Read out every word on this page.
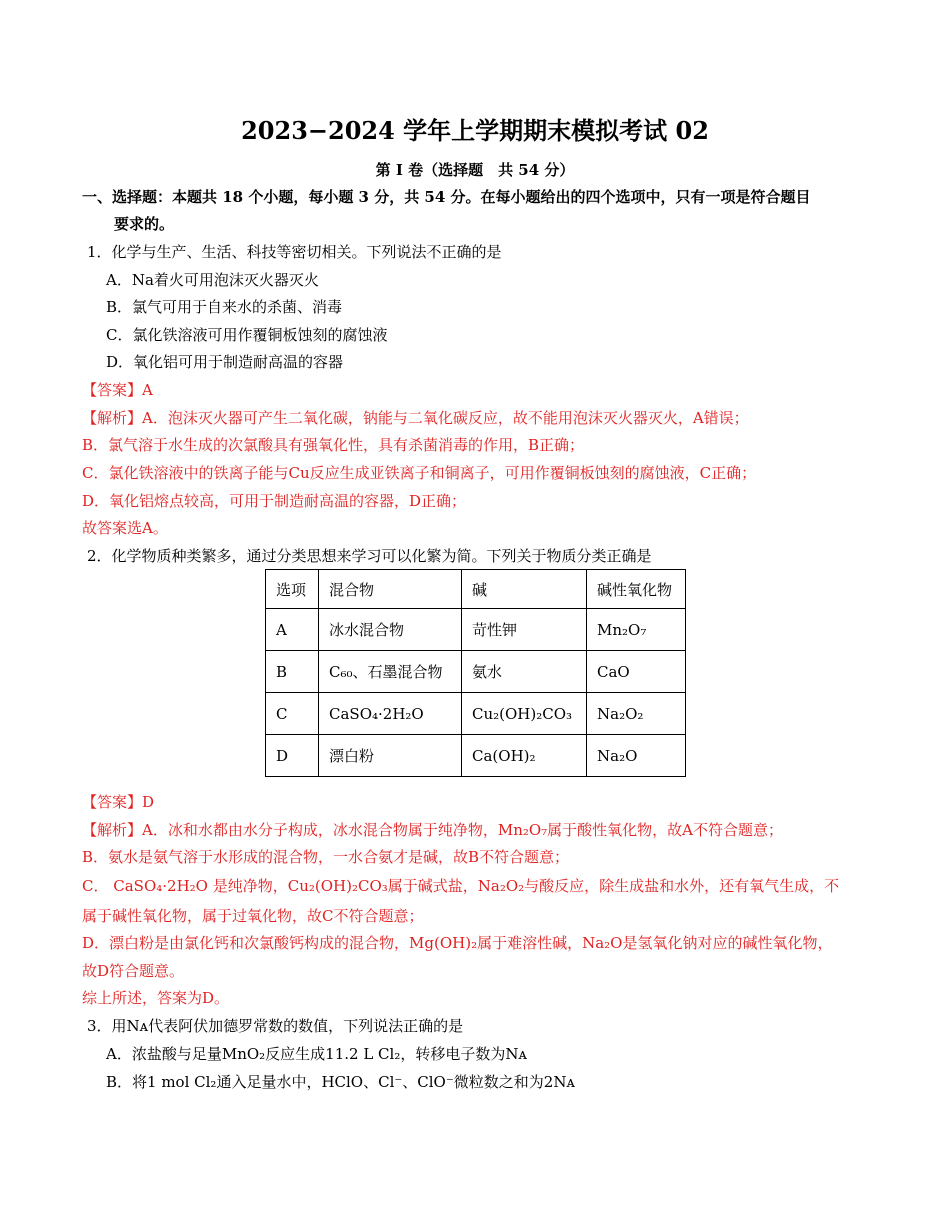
2023−2024 学年上学期期末模拟考试 02
第 I 卷（选择题　共 54 分）
一、选择题：本题共 18 个小题，每小题 3 分，共 54 分。在每小题给出的四个选项中，只有一项是符合题目
要求的。
1．化学与生产、生活、科技等密切相关。下列说法不正确的是
A．Na着火可用泡沫灭火器灭火
B．氯气可用于自来水的杀菌、消毒
C．氯化铁溶液可用作覆铜板蚀刻的腐蚀液
D．氧化铝可用于制造耐高温的容器
【答案】A
【解析】A．泡沫灭火器可产生二氧化碳，钠能与二氧化碳反应，故不能用泡沫灭火器灭火，A错误；
B．氯气溶于水生成的次氯酸具有强氧化性，具有杀菌消毒的作用，B正确；
C．氯化铁溶液中的铁离子能与Cu反应生成亚铁离子和铜离子，可用作覆铜板蚀刻的腐蚀液，C正确；
D．氧化铝熔点较高，可用于制造耐高温的容器，D正确；
故答案选A。
2．化学物质种类繁多，通过分类思想来学习可以化繁为简。下列关于物质分类正确是
选项	混合物	碱	碱性氧化物
A	冰水混合物	苛性钾	Mn₂O₇
B	C₆₀、石墨混合物	氨水	CaO
C	CaSO₄·2H₂O	Cu₂(OH)₂CO₃	Na₂O₂
D	漂白粉	Ca(OH)₂	Na₂O
【答案】D
【解析】A．冰和水都由水分子构成，冰水混合物属于纯净物，Mn₂O₇属于酸性氧化物，故A不符合题意；
B．氨水是氨气溶于水形成的混合物，一水合氨才是碱，故B不符合题意；
C． CaSO₄·2H₂O 是纯净物，Cu₂(OH)₂CO₃属于碱式盐，Na₂O₂与酸反应，除生成盐和水外，还有氧气生成，不
属于碱性氧化物，属于过氧化物，故C不符合题意；
D．漂白粉是由氯化钙和次氯酸钙构成的混合物，Mg(OH)₂属于难溶性碱，Na₂O是氢氧化钠对应的碱性氧化物，
故D符合题意。
综上所述，答案为D。
3．用Nᴀ代表阿伏加德罗常数的数值，下列说法正确的是
A．浓盐酸与足量MnO₂反应生成11.2 L Cl₂，转移电子数为Nᴀ
B．将1 mol Cl₂通入足量水中，HClO、Cl⁻、ClO⁻微粒数之和为2Nᴀ
